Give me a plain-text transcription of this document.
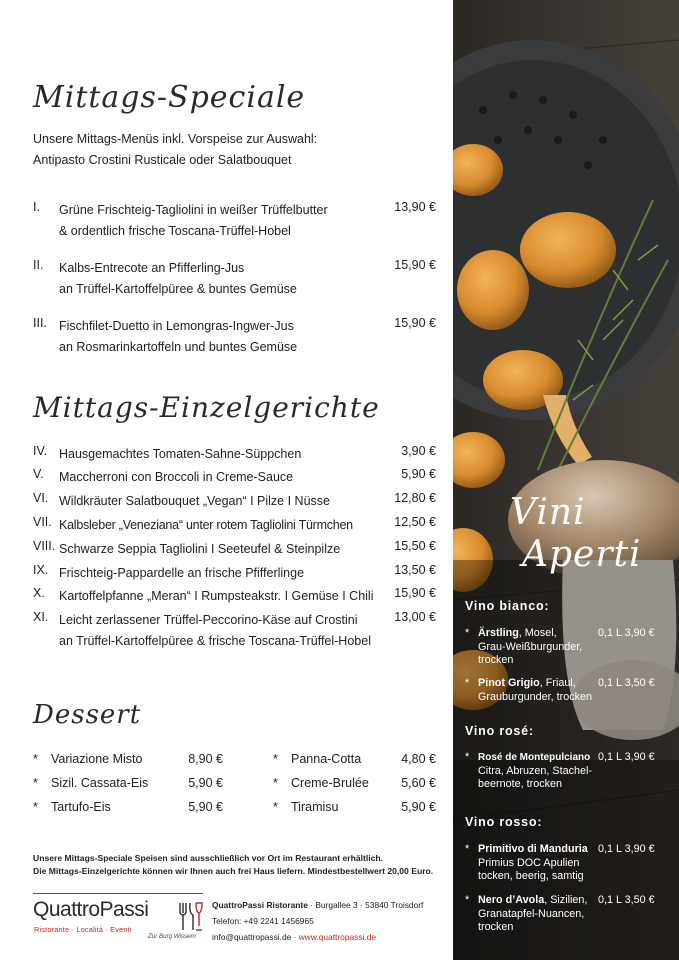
Mittags-Speciale
Unsere Mittags-Menüs inkl. Vorspeise zur Auswahl:
Antipasto Crostini Rusticale oder Salatbouquet
I. Grüne Frischteig-Tagliolini in weißer Trüffelbutter
& ordentlich frische Toscana-Trüffel-Hobel
13,90 €
II. Kalbs-Entrecote an Pfifferling-Jus
an Trüffel-Kartoffelpüree & buntes Gemüse
15,90 €
III. Fischfilet-Duetto in Lemongras-Ingwer-Jus
an Rosmarinkartoffeln und buntes Gemüse
15,90 €
Mittags-Einzelgerichte
IV. Hausgemachtes Tomaten-Sahne-Süppchen	3,90 €
V. Maccherroni con Broccoli in Creme-Sauce	5,90 €
VI. Wildkräuter Salatbouquet „Vegan“ I Pilze I Nüsse	12,80 €
VII. Kalbsleber „Veneziana“ unter rotem Tagliolini Türmchen	12,50 €
VIII. Schwarze Seppia Tagliolini I Seeteufel & Steinpilze	15,50 €
IX. Frischteig-Pappardelle an frische Pfifferlinge	13,50 €
X. Kartoffelpfanne „Meran“ I Rumpsteakstr. I Gemüse I Chili 15,90 €
XI. Leicht zerlassener Trüffel-Peccorino-Käse auf Crostini
an Trüffel-Kartoffelpüree & frische Toscana-Trüffel-Hobel
13,00 €
Dessert
* Variazione Misto	8,90 €
* Sizil. Cassata-Eis	5,90 €
* Tartufo-Eis	5,90 €
* Panna-Cotta	4,80 €
* Creme-Brulée	5,60 €
* Tiramisu	5,90 €
Unsere Mittags-Speciale Speisen sind ausschließlich vor Ort im Restaurant erhältlich.
Die Mittags-Einzelgerichte können wir Ihnen auch frei Haus liefern. Mindestbestellwert 20,00 Euro.
QuattroPassi
Ristorante · Località · Eventi
Zur Burg Wissem
QuattroPassi Ristorante · Burgallee 3 · 53840 Troisdorf
Telefon: +49 2241 1456965
info@quattropassi.de · www.quattropassi.de
Vini
Aperti
Vino bianco:
* Ärstling, Mosel,
Grau-Weißburgunder,
trocken
0,1 L 3,90 €
* Pinot Grigio, Friaul,
Grauburgunder, trocken
0,1 L 3,50 €
Vino rosé:
* Rosé de Montepulciano
Citra, Abruzen, Stachel-
beernote, trocken
0,1 L 3,90 €
Vino rosso:
* Primitivo di Manduria
Primius DOC Apulien
tocken, beerig, samtig
0,1 L 3,90 €
* Nero d’Avola, Sizilien,
Granatapfel-Nuancen,
trocken
0,1 L 3,50 €
